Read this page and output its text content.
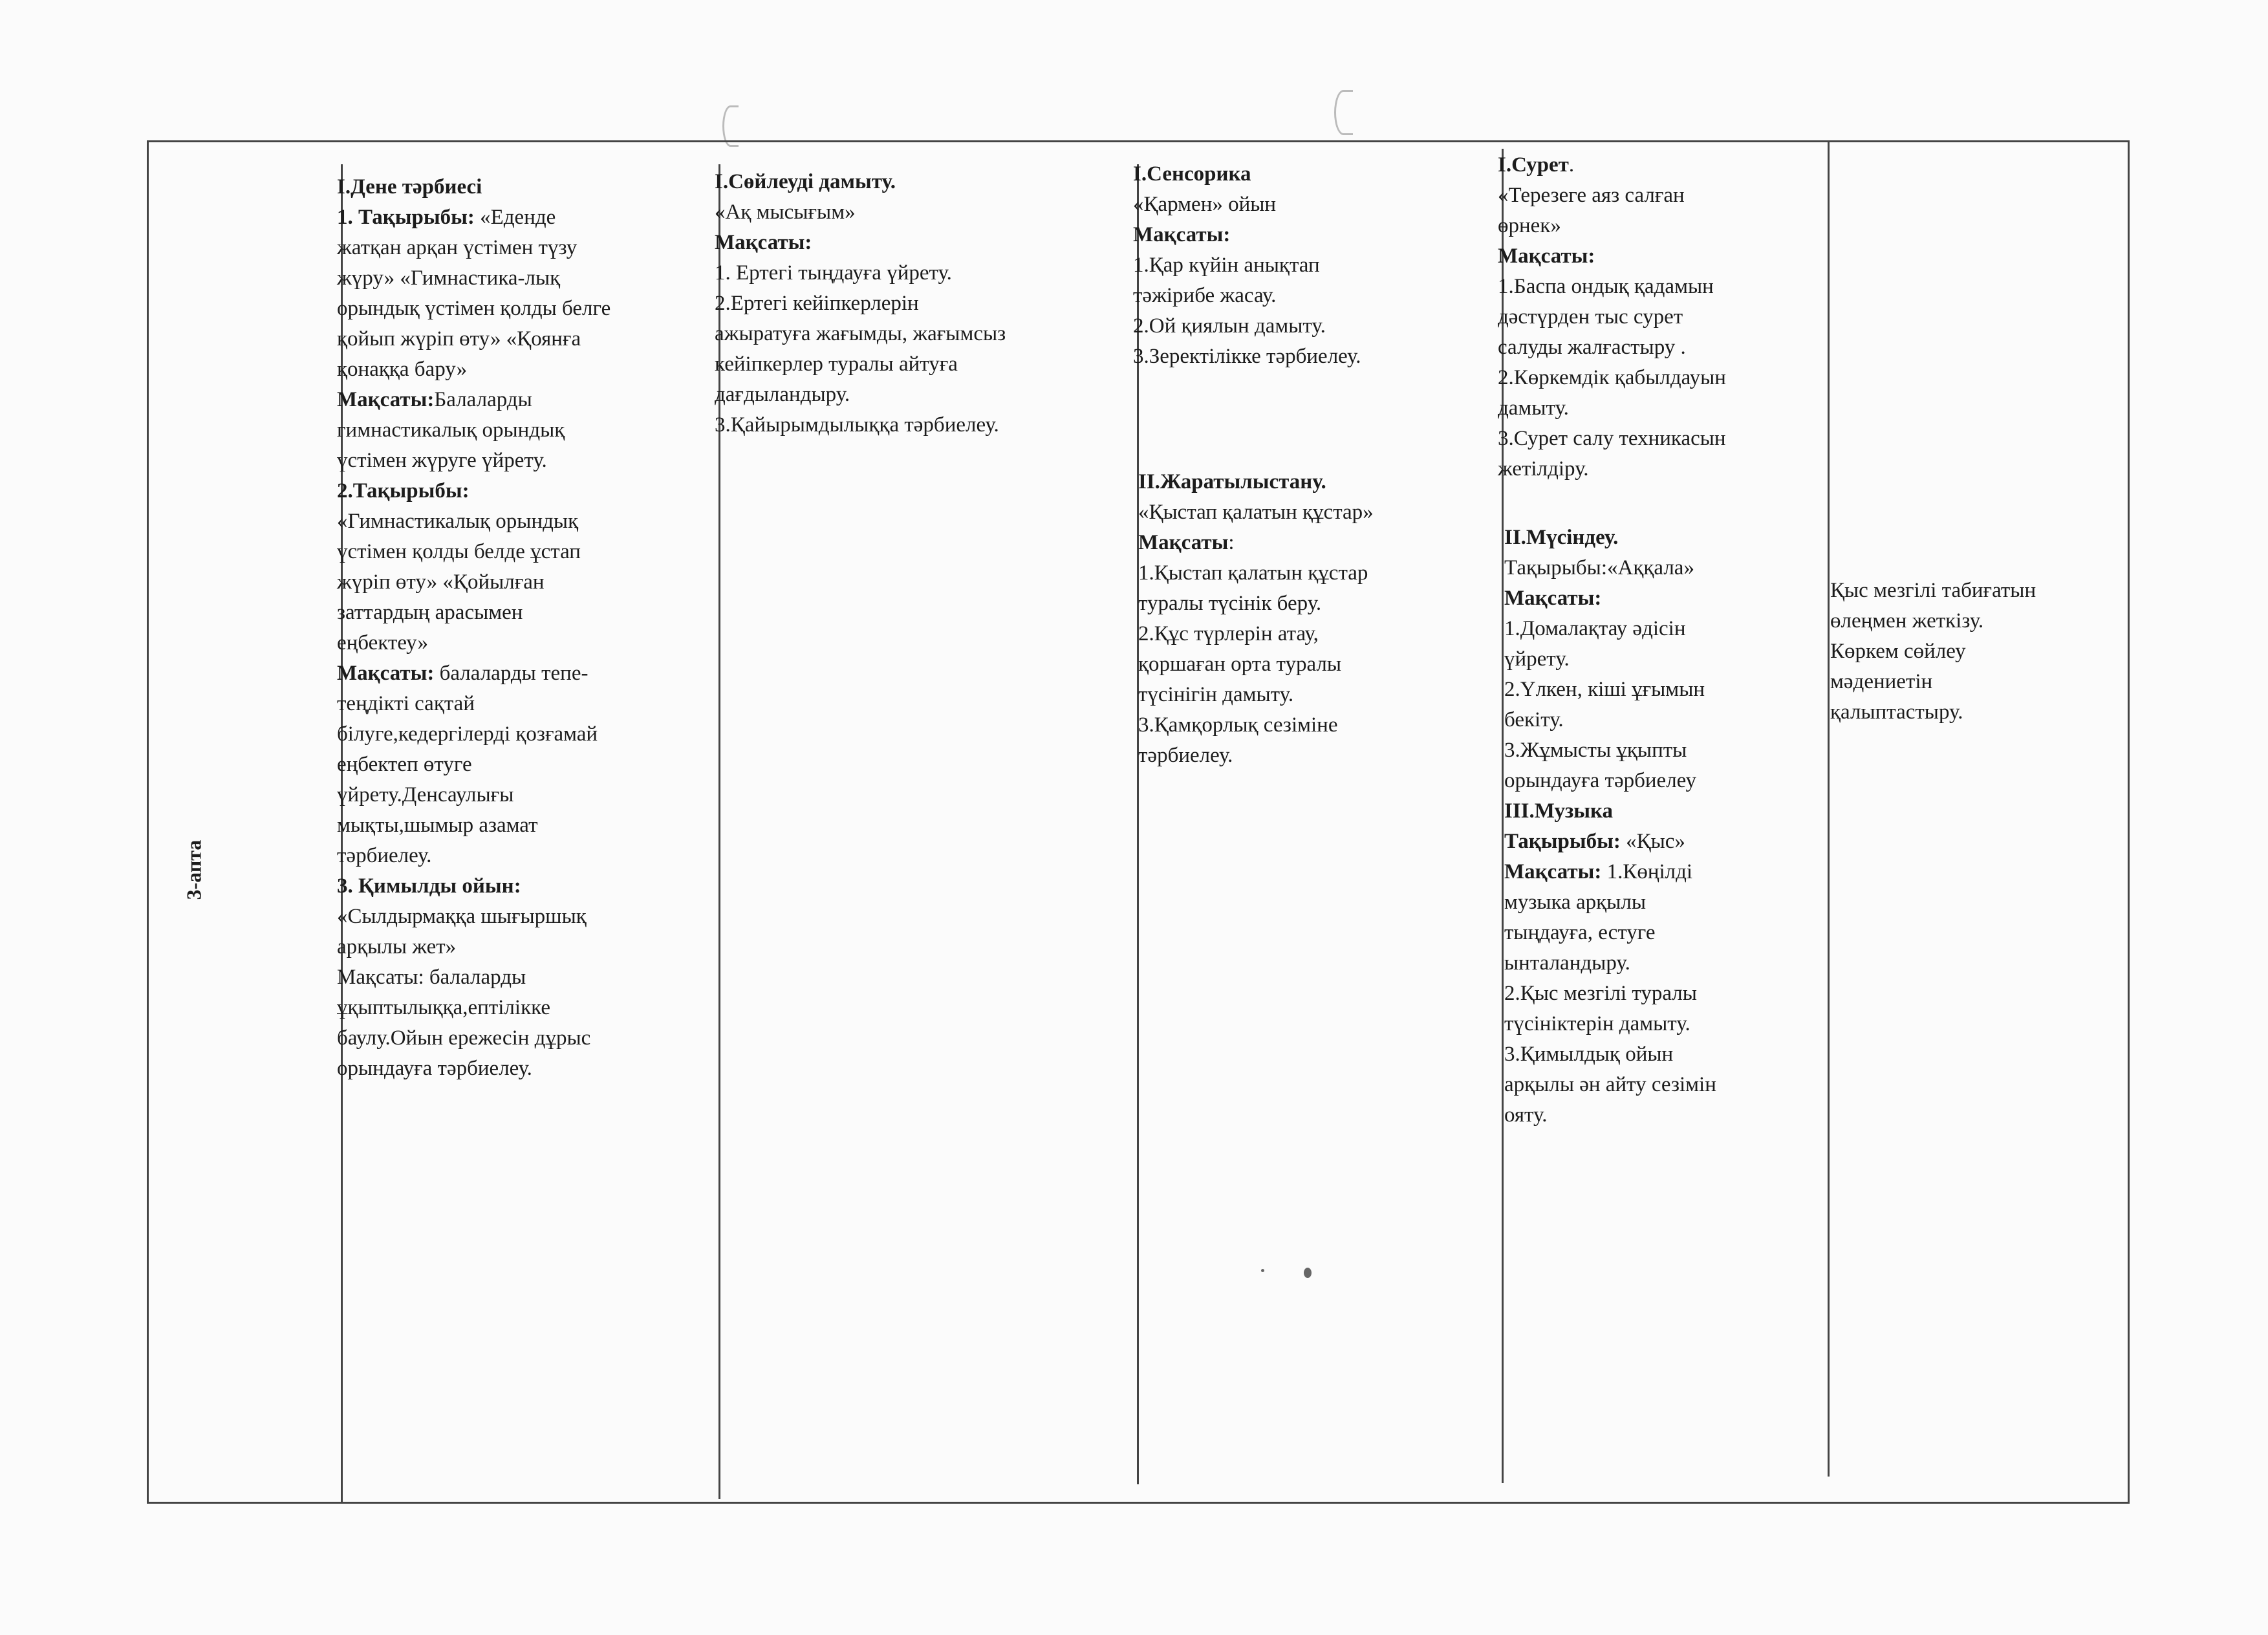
3-апта

І.Дене тәрбиесі

1. Тақырыбы: «Еденде

жатқан арқан үстімен түзу

жүру» «Гимнастика-лық

орындық үстімен қолды белге

қойып жүріп өту» «Қоянға

қонаққа бару»

Мақсаты:Балаларды

гимнастикалық орындық

үстімен жүруге үйрету.

2.Тақырыбы:

«Гимнастикалық орындық

үстімен қолды белде ұстап

жүріп өту» «Қойылған

заттардың арасымен

еңбектеу»

Мақсаты: балаларды тепе-

теңдікті сақтай

білуге,кедергілерді қозғамай

еңбектеп өтуге

үйрету.Денсаулығы

мықты,шымыр азамат

тәрбиелеу.

3. Қимылды ойын:

«Сылдырмаққа шығыршық

арқылы жет»

Мақсаты: балаларды

ұқыптылыққа,ептілікке

баулу.Ойын ережесін дұрыс

орындауға тәрбиелеу.

І.Сөйлеуді дамыту.

«Ақ мысығым»

Мақсаты:

1. Ертегі тыңдауға үйрету.

2.Ертегі кейіпкерлерін

ажыратуға жағымды, жағымсыз

кейіпкерлер туралы айтуға

дағдыландыру.

3.Қайырымдылыққа тәрбиелеу.

І.Сенсорика

«Қармен» ойын

Мақсаты:

1.Қар күйін анықтап

тәжірибе жасау.

2.Ой қиялын дамыту.

3.Зеректілікке тәрбиелеу.

ІІ.Жаратылыстану.

«Қыстап қалатын құстар»

Мақсаты:

1.Қыстап қалатын құстар

туралы түсінік беру.

2.Құс түрлерін атау,

қоршаған орта туралы

түсінігін дамыту.

3.Қамқорлық сезіміне

тәрбиелеу.

І.Сурет.

«Терезеге аяз салған

өрнек»

Мақсаты:

1.Баспа ондық қадамын

дәстүрден тыс сурет

салуды жалғастыру .

2.Көркемдік қабылдауын

дамыту.

3.Сурет салу техникасын

жетілдіру.

ІІ.Мүсіндеу.

Тақырыбы:«Аққала»

Мақсаты:

1.Домалақтау әдісін

үйрету.

2.Үлкен, кіші ұғымын

бекіту.

3.Жұмысты ұқыпты

орындауға тәрбиелеу

ІІІ.Музыка

Тақырыбы: «Қыс»

Мақсаты: 1.Көңілді

музыка арқылы

тыңдауға, естуге

ынталандыру.

2.Қыс мезгілі туралы

түсініктерін дамыту.

3.Қимылдық ойын

арқылы ән айту сезімін

ояту.

Қыс мезгілі табиғатын

өлеңмен жеткізу.

Көркем сөйлеу

мәдениетін

қалыптастыру.
